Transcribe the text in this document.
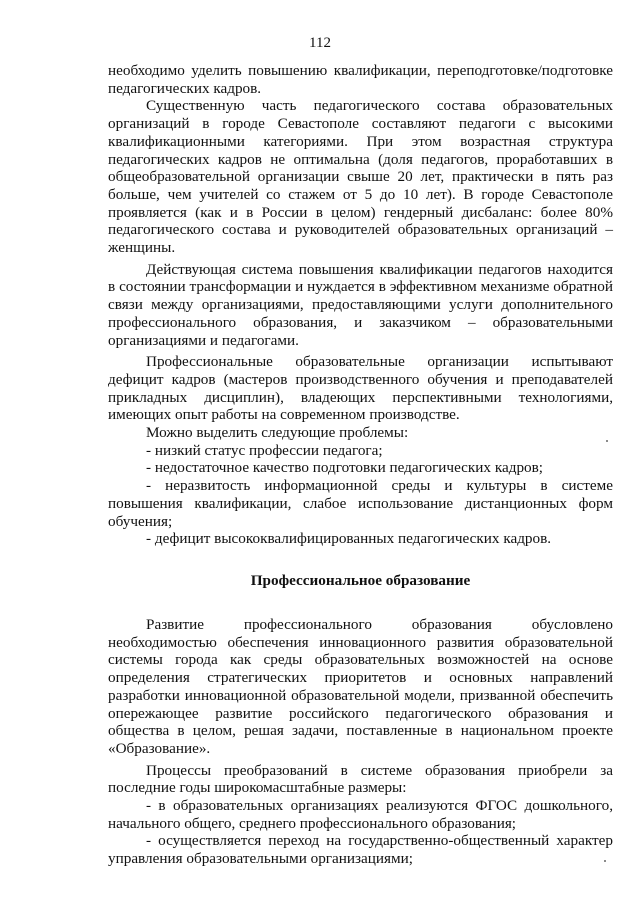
112

необходимо уделить повышению квалификации, переподготовке/подготовке педагогических кадров.

Существенную часть педагогического состава образовательных организаций в городе Севастополе составляют педагоги с высокими квалификационными категориями. При этом возрастная структура педагогических кадров не оптимальна (доля педагогов, проработавших в общеобразовательной организации свыше 20 лет, практически в пять раз больше, чем учителей со стажем от 5 до 10 лет). В городе Севастополе проявляется (как и в России в целом) гендерный дисбаланс: более 80% педагогического состава и руководителей образовательных организаций – женщины.

Действующая система повышения квалификации педагогов находится в состоянии трансформации и нуждается в эффективном механизме обратной связи между организациями, предоставляющими услуги дополнительного профессионального образования, и заказчиком – образовательными организациями и педагогами.

Профессиональные образовательные организации испытывают дефицит кадров (мастеров производственного обучения и преподавателей прикладных дисциплин), владеющих перспективными технологиями, имеющих опыт работы на современном производстве.

Можно выделить следующие проблемы:

- низкий статус профессии педагога;

- недостаточное качество подготовки педагогических кадров;

- неразвитость информационной среды и культуры в системе повышения квалификации, слабое использование дистанционных форм обучения;

- дефицит высококвалифицированных педагогических кадров.

Профессиональное образование

Развитие профессионального образования обусловлено необходимостью обеспечения инновационного развития образовательной системы города как среды образовательных возможностей на основе определения стратегических приоритетов и основных направлений разработки инновационной образовательной модели, призванной обеспечить опережающее развитие российского педагогического образования и общества в целом, решая задачи, поставленные в национальном проекте «Образование».

Процессы преобразований в системе образования приобрели за последние годы широкомасштабные размеры:

- в образовательных организациях реализуются ФГОС дошкольного, начального общего, среднего профессионального образования;

- осуществляется переход на государственно-общественный характер управления образовательными организациями;
